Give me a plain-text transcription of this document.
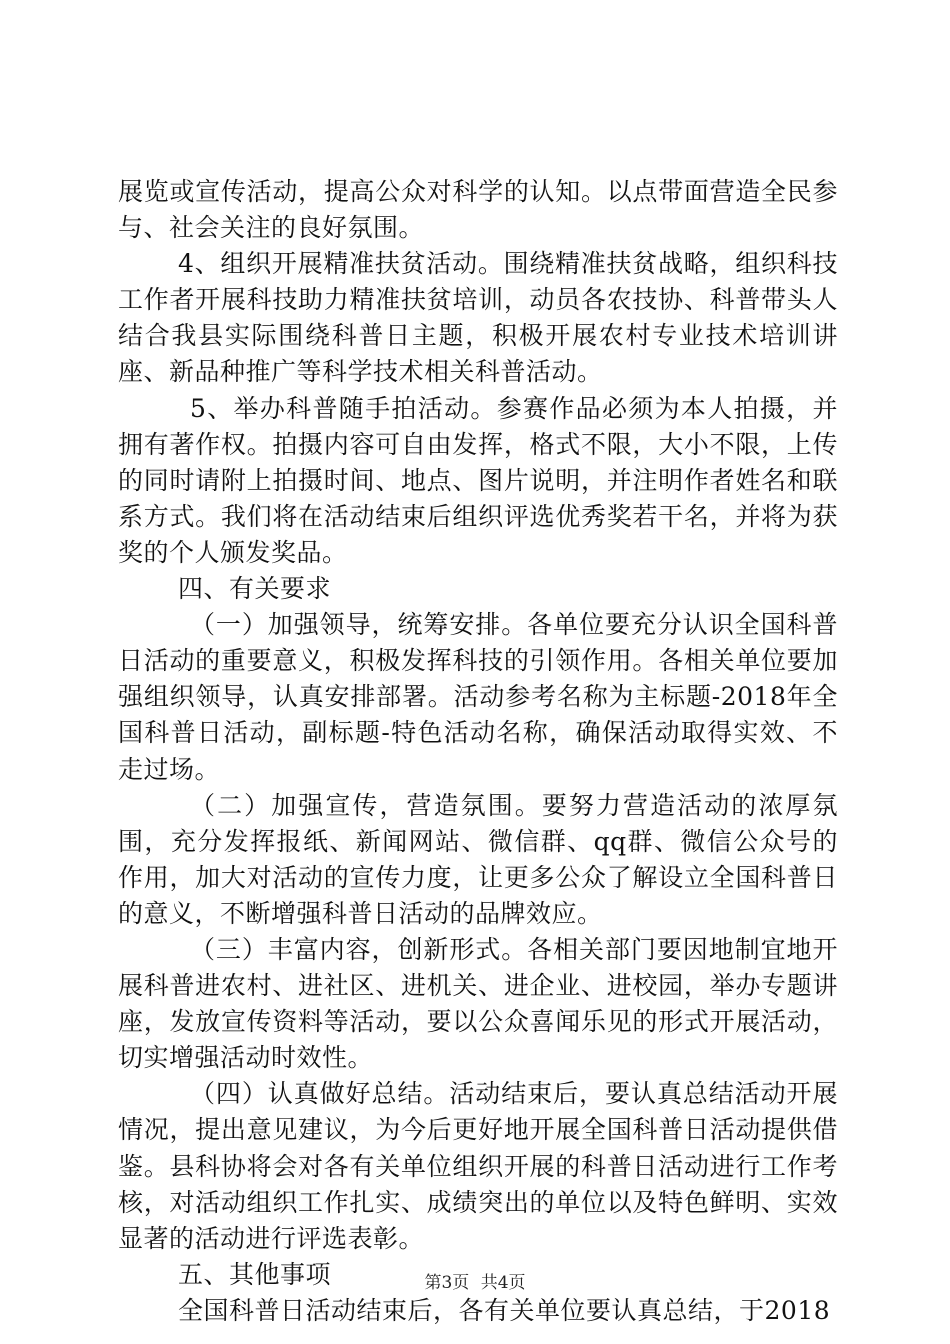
展览或宣传活动，提高公众对科学的认知。以点带面营造全民参与、社会关注的良好氛围。

4、组织开展精准扶贫活动。围绕精准扶贫战略，组织科技工作者开展科技助力精准扶贫培训，动员各农技协、科普带头人结合我县实际围绕科普日主题，积极开展农村专业技术培训讲座、新品种推广等科学技术相关科普活动。

5、举办科普随手拍活动。参赛作品必须为本人拍摄，并拥有著作权。拍摄内容可自由发挥，格式不限，大小不限，上传的同时请附上拍摄时间、地点、图片说明，并注明作者姓名和联系方式。我们将在活动结束后组织评选优秀奖若干名，并将为获奖的个人颁发奖品。

四、有关要求

（一）加强领导，统筹安排。各单位要充分认识全国科普日活动的重要意义，积极发挥科技的引领作用。各相关单位要加强组织领导，认真安排部署。活动参考名称为主标题-2018年全国科普日活动，副标题-特色活动名称，确保活动取得实效、不走过场。

（二）加强宣传，营造氛围。要努力营造活动的浓厚氛围，充分发挥报纸、新闻网站、微信群、qq群、微信公众号的作用，加大对活动的宣传力度，让更多公众了解设立全国科普日的意义，不断增强科普日活动的品牌效应。

（三）丰富内容，创新形式。各相关部门要因地制宜地开展科普进农村、进社区、进机关、进企业、进校园，举办专题讲座，发放宣传资料等活动，要以公众喜闻乐见的形式开展活动，切实增强活动时效性。

（四）认真做好总结。活动结束后，要认真总结活动开展情况，提出意见建议，为今后更好地开展全国科普日活动提供借鉴。县科协将会对各有关单位组织开展的科普日活动进行工作考核，对活动组织工作扎实、成绩突出的单位以及特色鲜明、实效显著的活动进行评选表彰。

五、其他事项

全国科普日活动结束后，各有关单位要认真总结，于2018

第3页 共4页
